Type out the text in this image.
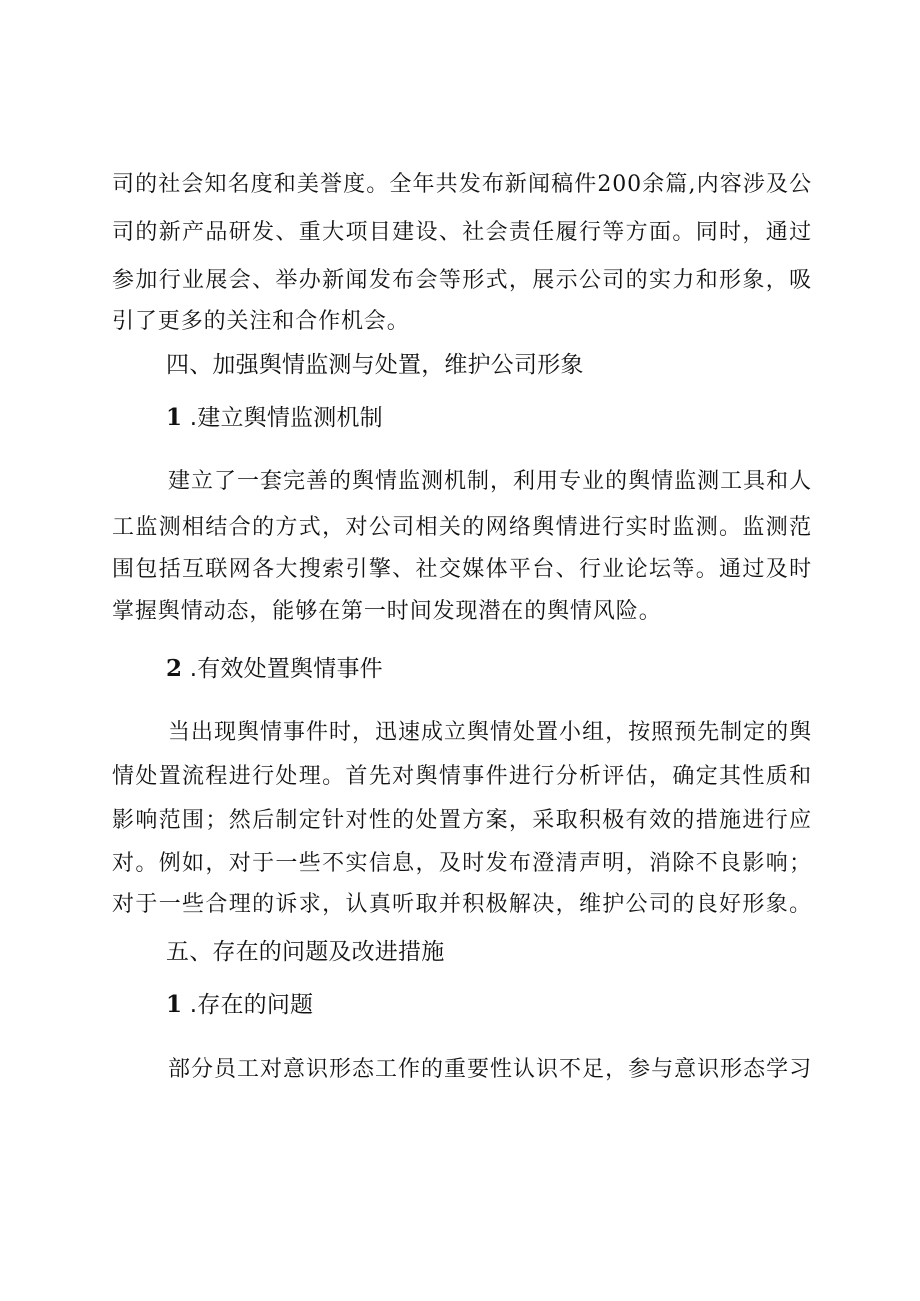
司的社会知名度和美誉度。全年共发布新闻稿件200余篇,内容涉及公
司的新产品研发、重大项目建设、社会责任履行等方面。同时，通过
参加行业展会、举办新闻发布会等形式，展示公司的实力和形象，吸
引了更多的关注和合作机会。
四、加强舆情监测与处置，维护公司形象
1 .建立舆情监测机制
建立了一套完善的舆情监测机制，利用专业的舆情监测工具和人
工监测相结合的方式，对公司相关的网络舆情进行实时监测。监测范
围包括互联网各大搜索引擎、社交媒体平台、行业论坛等。通过及时
掌握舆情动态，能够在第一时间发现潜在的舆情风险。
2 .有效处置舆情事件
当出现舆情事件时，迅速成立舆情处置小组，按照预先制定的舆
情处置流程进行处理。首先对舆情事件进行分析评估，确定其性质和
影响范围；然后制定针对性的处置方案，采取积极有效的措施进行应
对。例如，对于一些不实信息，及时发布澄清声明，消除不良影响；
对于一些合理的诉求，认真听取并积极解决，维护公司的良好形象。
五、存在的问题及改进措施
1 .存在的问题
部分员工对意识形态工作的重要性认识不足，参与意识形态学习
